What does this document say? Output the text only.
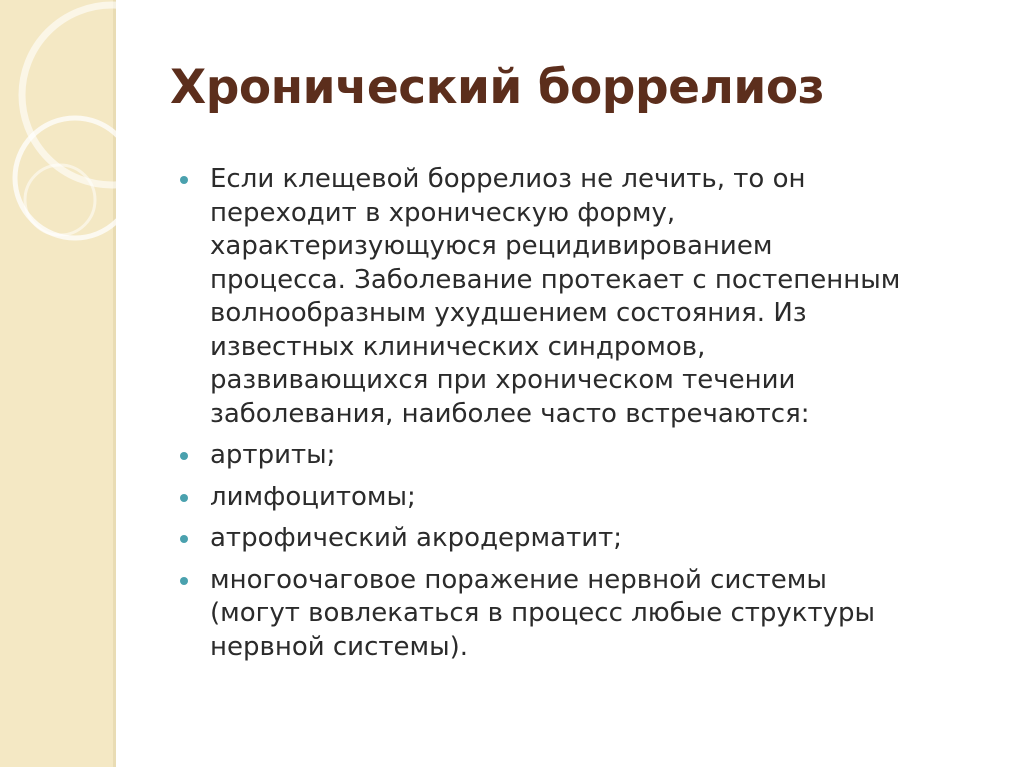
Хронический боррелиоз
Если клещевой боррелиоз не лечить, то он
переходит в хроническую форму,
характеризующуюся рецидивированием
процесса. Заболевание протекает с постепенным
волнообразным ухудшением состояния. Из
известных клинических синдромов,
развивающихся при хроническом течении
заболевания, наиболее часто встречаются:
артриты;
лимфоцитомы;
атрофический акродерматит;
многоочаговое поражение нервной системы
(могут вовлекаться в процесс любые структуры
нервной системы).
